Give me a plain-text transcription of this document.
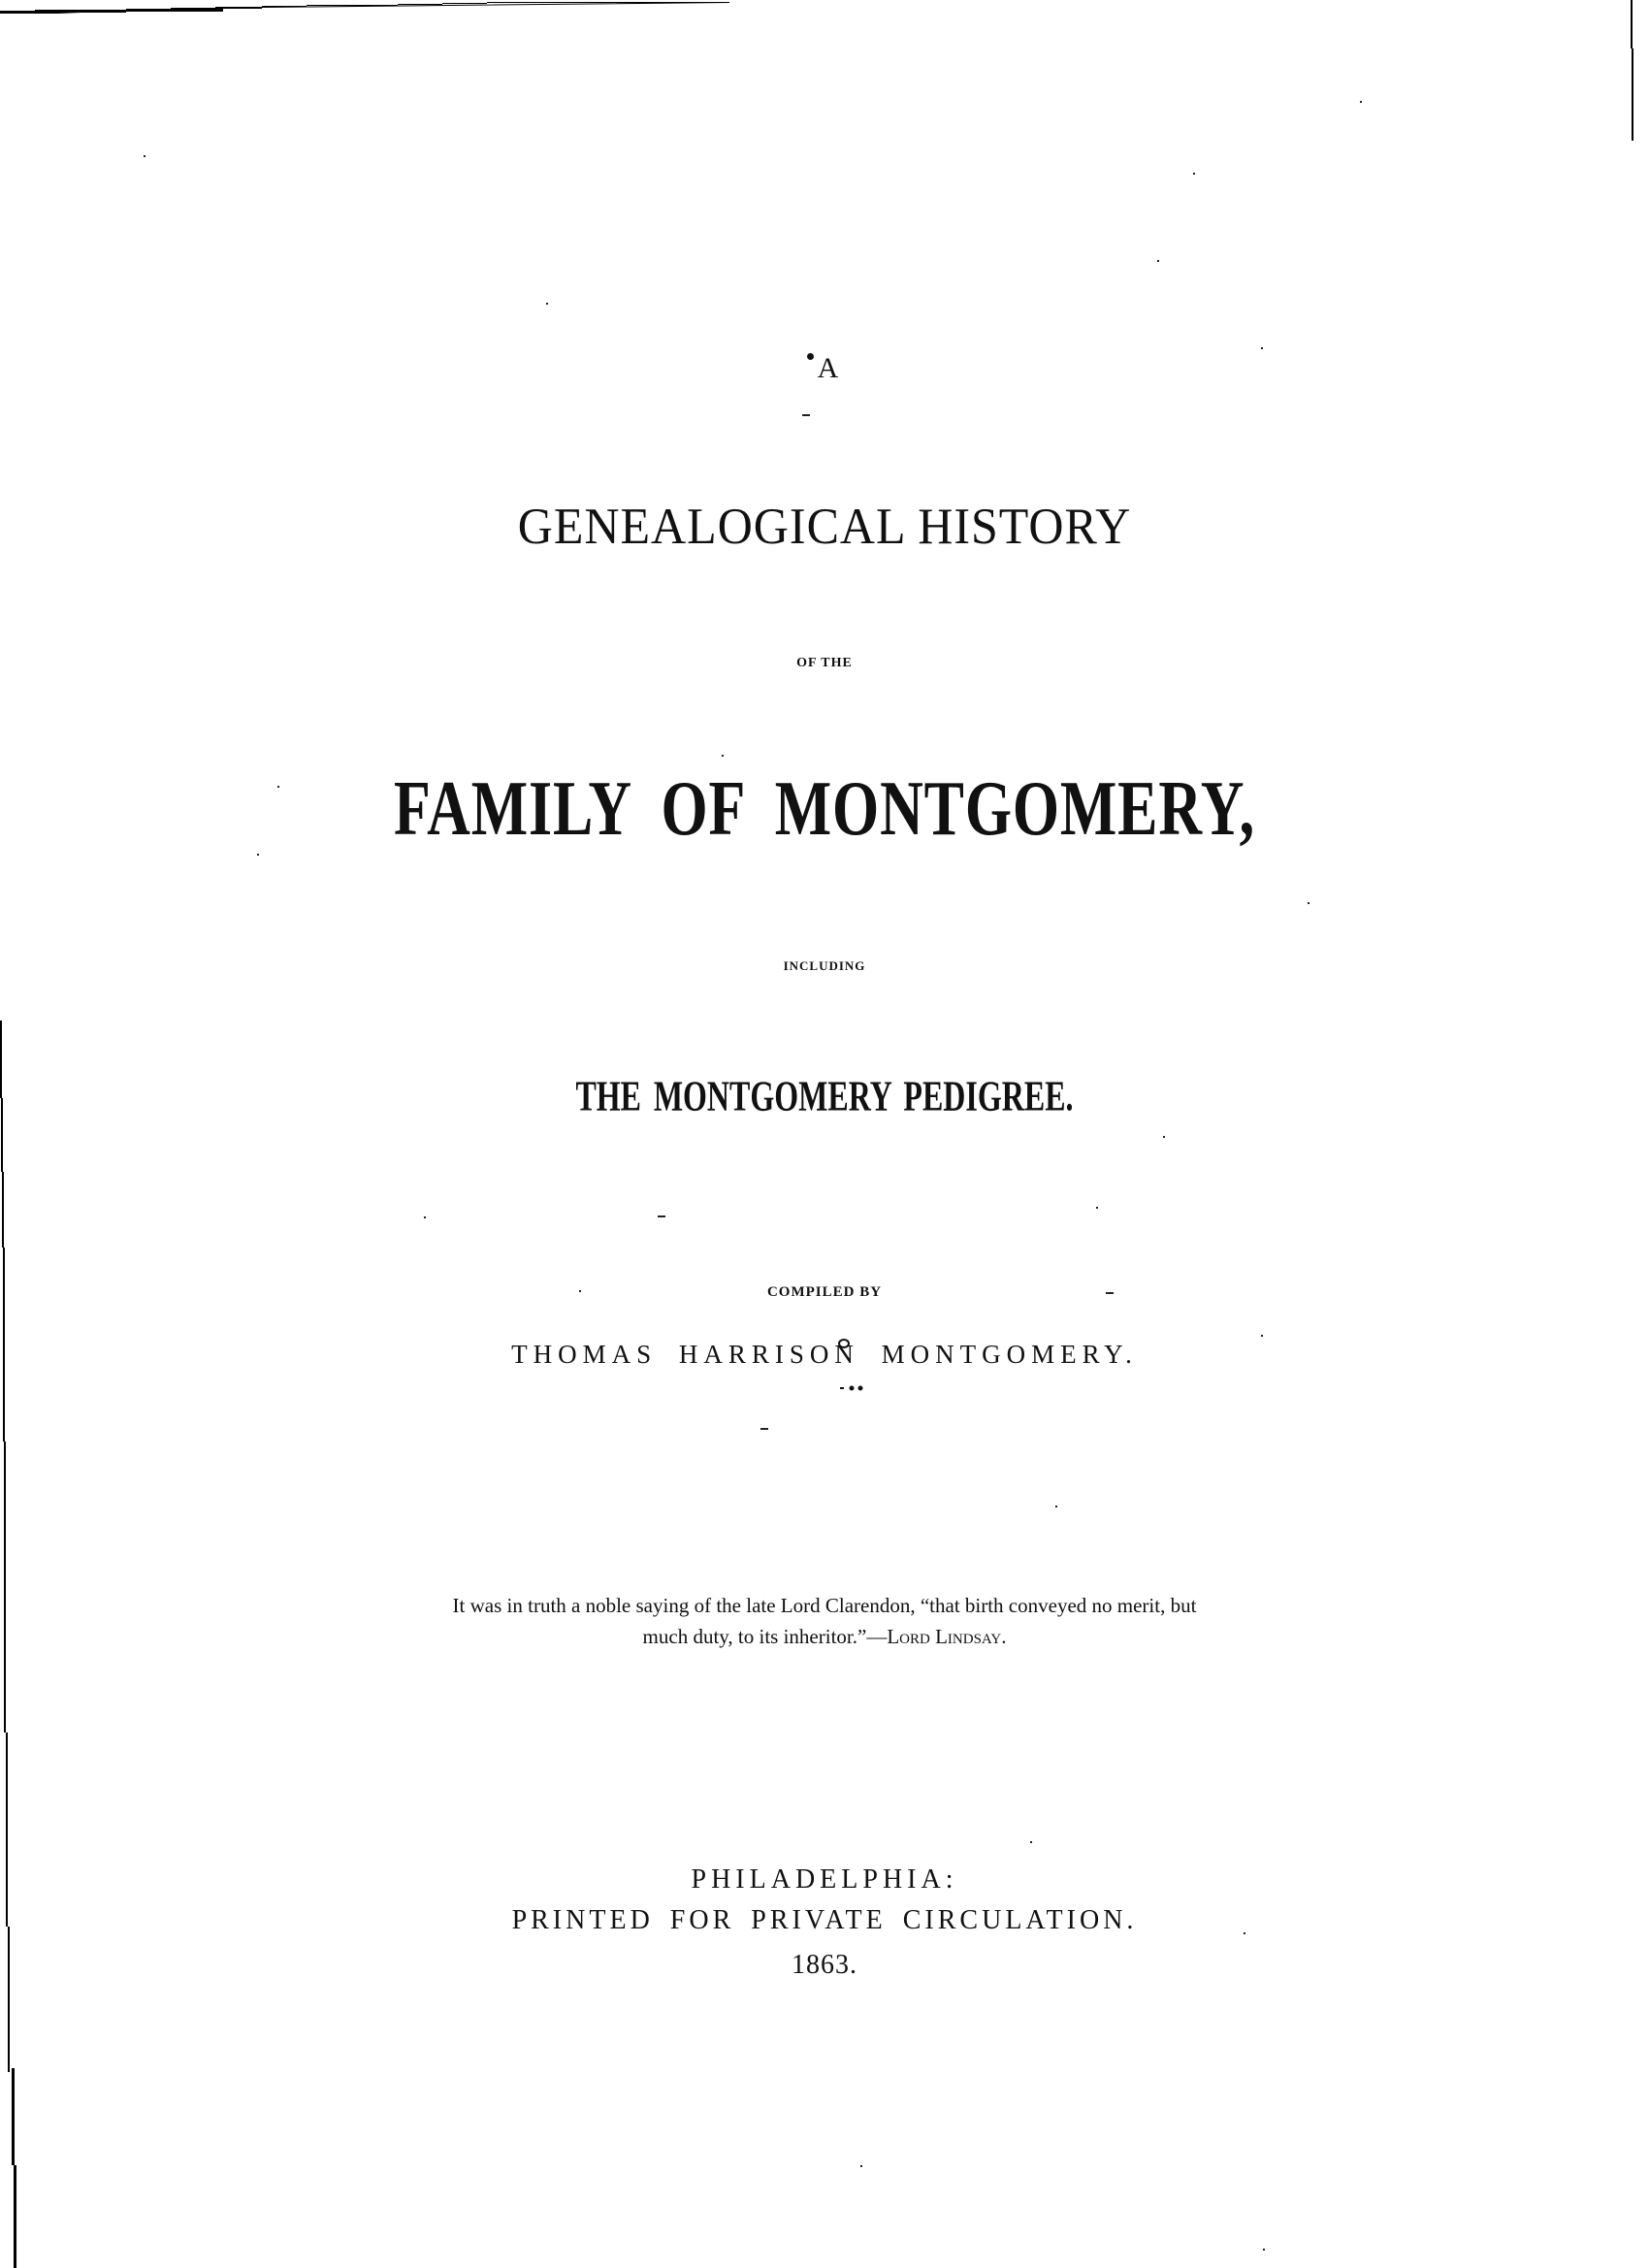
A
GENEALOGICAL HISTORY
OF THE
FAMILY OF MONTGOMERY,
INCLUDING
THE MONTGOMERY PEDIGREE.
COMPILED BY
THOMAS HARRISON MONTGOMERY.
It was in truth a noble saying of the late Lord Clarendon, “that birth conveyed no merit, but
much duty, to its inheritor.”—Lord Lindsay.
PHILADELPHIA:
PRINTED FOR PRIVATE CIRCULATION.
1863.
